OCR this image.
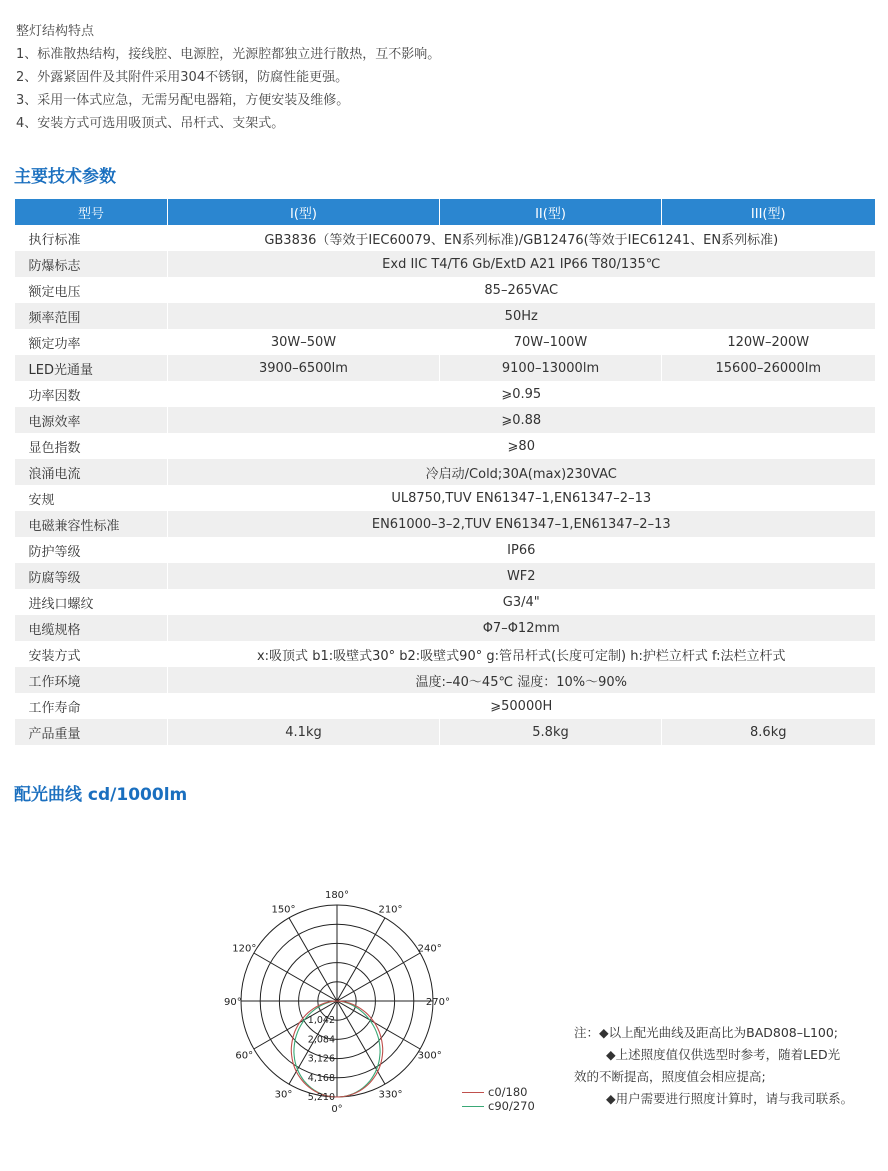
整灯结构特点
1、标准散热结构，接线腔、电源腔，光源腔都独立进行散热，互不影响。
2、外露紧固件及其附件采用304不锈钢，防腐性能更强。
3、采用一体式应急，无需另配电器箱，方便安装及维修。
4、安装方式可选用吸顶式、吊杆式、支架式。
主要技术参数
型号	I(型)	II(型)	III(型)
执行标准	GB3836（等效于IEC60079、EN系列标准)/GB12476(等效于IEC61241、EN系列标准)		
防爆标志	Exd IIC T4/T6 Gb/ExtD A21 IP66 T80/135℃		
额定电压	85–265VAC		
频率范围	50Hz		
额定功率	30W–50W	70W–100W	120W–200W
LED光通量	3900–6500lm	9100–13000lm	15600–26000lm
功率因数	⩾0.95		
电源效率	⩾0.88		
显色指数	⩾80		
浪涌电流	冷启动/Cold;30A(max)230VAC		
安规	UL8750,TUV EN61347–1,EN61347–2–13		
电磁兼容性标准	EN61000–3–2,TUV EN61347–1,EN61347–2–13		
防护等级	IP66		
防腐等级	WF2		
进线口螺纹	G3/4"		
电缆规格	Φ7–Φ12mm		
安装方式	x:吸顶式 b1:吸壁式30° b2:吸壁式90° g:管吊杆式(长度可定制) h:护栏立杆式 f:法栏立杆式		
工作环境	温度:–40～45℃ 湿度：10%～90%		
工作寿命	⩾50000H		
产品重量	4.1kg	5.8kg	8.6kg
配光曲线 cd/1000lm
180°
150°
120°
90°
60°
30°
0°
330°
300°
270°
240°
210°
1,042
2,084
3,126
4,168
5,210	c0/180
c90/270
注：◆以上配光曲线及距高比为BAD808–L100;
◆上述照度值仅供选型时参考，随着LED光
效的不断提高，照度值会相应提高;
◆用户需要进行照度计算时，请与我司联系。
